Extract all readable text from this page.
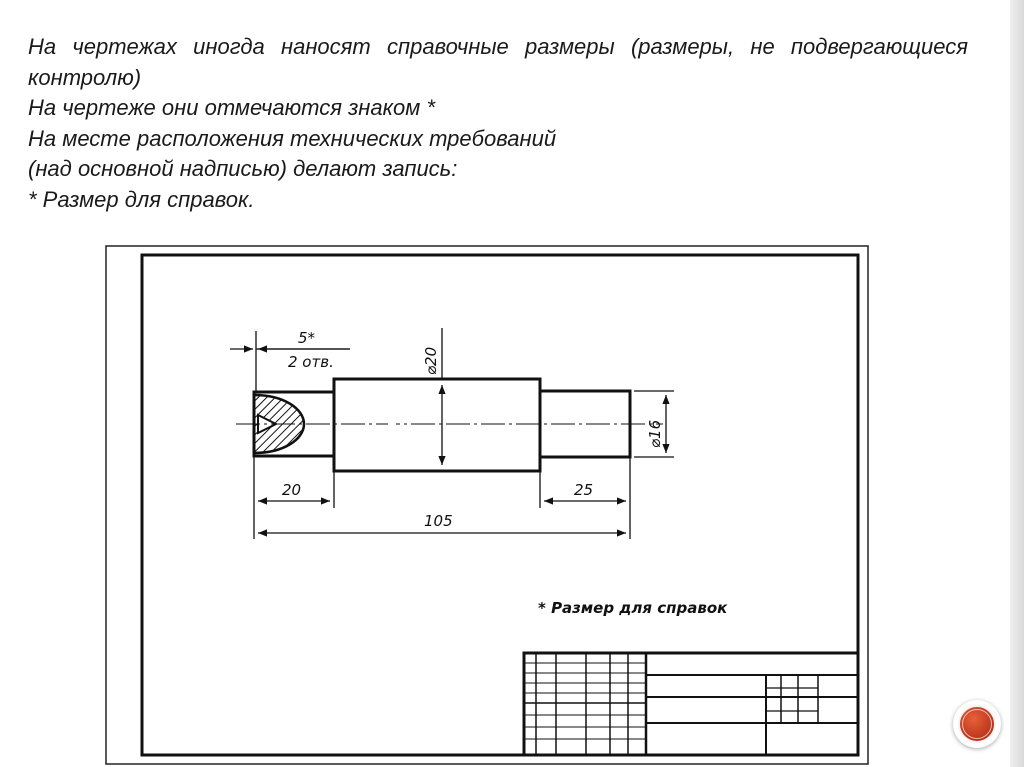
На чертежах иногда наносят справочные размеры (размеры, не подвергающиеся контролю)
На чертеже они отмечаются знаком *
На месте расположения технических требований
(над основной надписью) делают запись:
* Pазмер для справок.
⌀20
⌀16
5*
2 отв.
20	25
105
* Размер для справок
